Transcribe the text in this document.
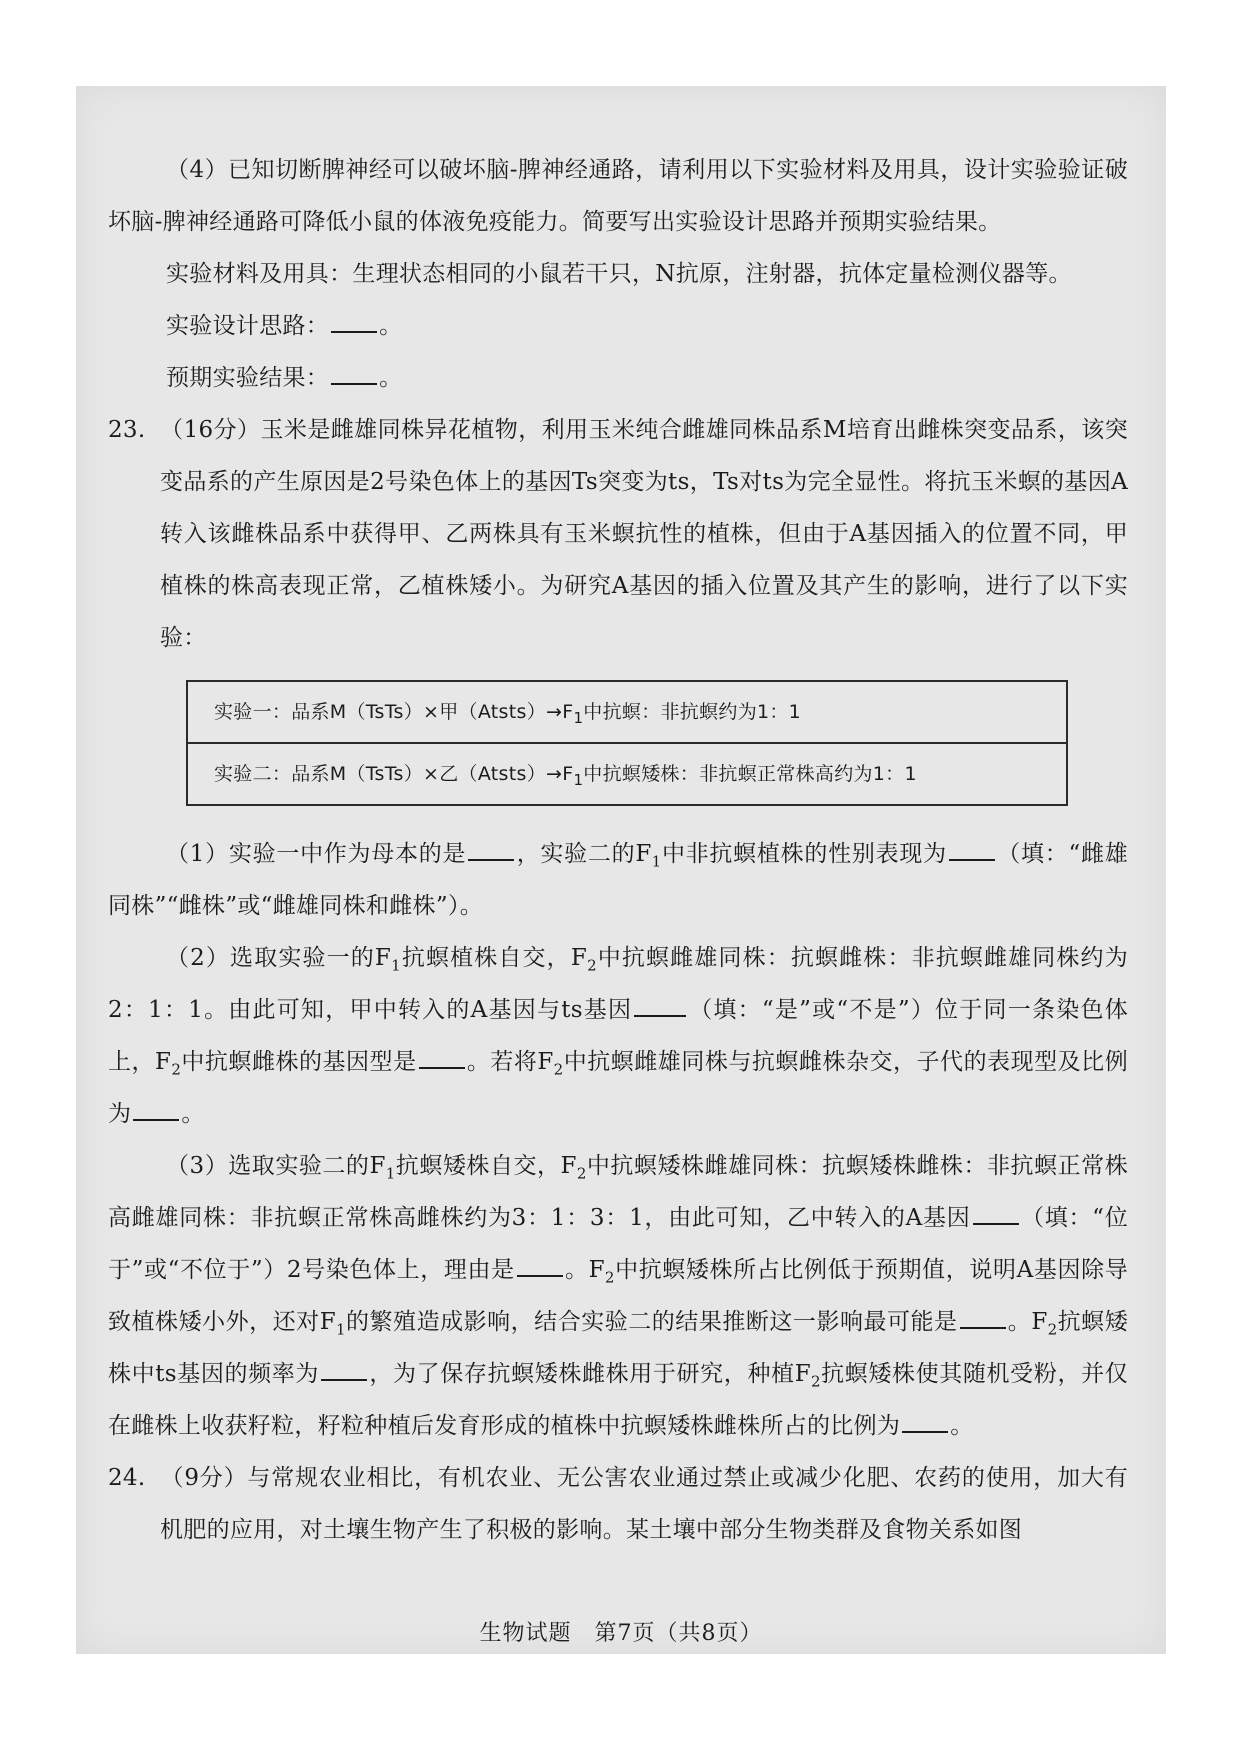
（4）已知切断脾神经可以破坏脑-脾神经通路，请利用以下实验材料及用具，设计实验验证破坏脑-脾神经通路可降低小鼠的体液免疫能力。简要写出实验设计思路并预期实验结果。

实验材料及用具：生理状态相同的小鼠若干只，N抗原，注射器，抗体定量检测仪器等。

实验设计思路： 。

预期实验结果： 。

23. （16分）玉米是雌雄同株异花植物，利用玉米纯合雌雄同株品系M培育出雌株突变品系，该突变品系的产生原因是2号染色体上的基因Ts突变为ts，Ts对ts为完全显性。将抗玉米螟的基因A转入该雌株品系中获得甲、乙两株具有玉米螟抗性的植株，但由于A基因插入的位置不同，甲植株的株高表现正常，乙植株矮小。为研究A基因的插入位置及其产生的影响，进行了以下实验：

实验一：品系M（TsTs）×甲$(Atsts)\to F_1$中抗螟：非抗螟约为1：1
实验二：品系M（TsTs）×乙$(Atsts)\to F_1$中抗螟矮株：非抗螟正常株高约为1：1

（1）实验一中作为母本的是 ，实验二的$F_1$中非抗螟植株的性别表现为 （填：“雌雄同株”“雌株”或“雌雄同株和雌株”）。

（2）选取实验一的$F_1$抗螟植株自交，$F_2$中抗螟雌雄同株：抗螟雌株：非抗螟雌雄同株约为2：1：1。由此可知，甲中转入的A基因与ts基因 （填：“是”或“不是”）位于同一条染色体上，$F_2$中抗螟雌株的基因型是 。若将$F_2$中抗螟雌雄同株与抗螟雌株杂交，子代的表现型及比例为 。

（3）选取实验二的$F_1$抗螟矮株自交，$F_2$中抗螟矮株雌雄同株：抗螟矮株雌株：非抗螟正常株高雌雄同株：非抗螟正常株高雌株约为3：1：3：1，由此可知，乙中转入的A基因 （填：“位于”或“不位于”）2号染色体上，理由是 。$F_2$中抗螟矮株所占比例低于预期值，说明A基因除导致植株矮小外，还对$F_1$的繁殖造成影响，结合实验二的结果推断这一影响最可能是 。$F_2$抗螟矮株中ts基因的频率为 ，为了保存抗螟矮株雌株用于研究，种植$F_2$抗螟矮株使其随机受粉，并仅在雌株上收获籽粒，籽粒种植后发育形成的植株中抗螟矮株雌株所占的比例为 。

24. （9分）与常规农业相比，有机农业、无公害农业通过禁止或减少化肥、农药的使用，加大有机肥的应用，对土壤生物产生了积极的影响。某土壤中部分生物类群及食物关系如图

生物试题　第7页（共8页）
